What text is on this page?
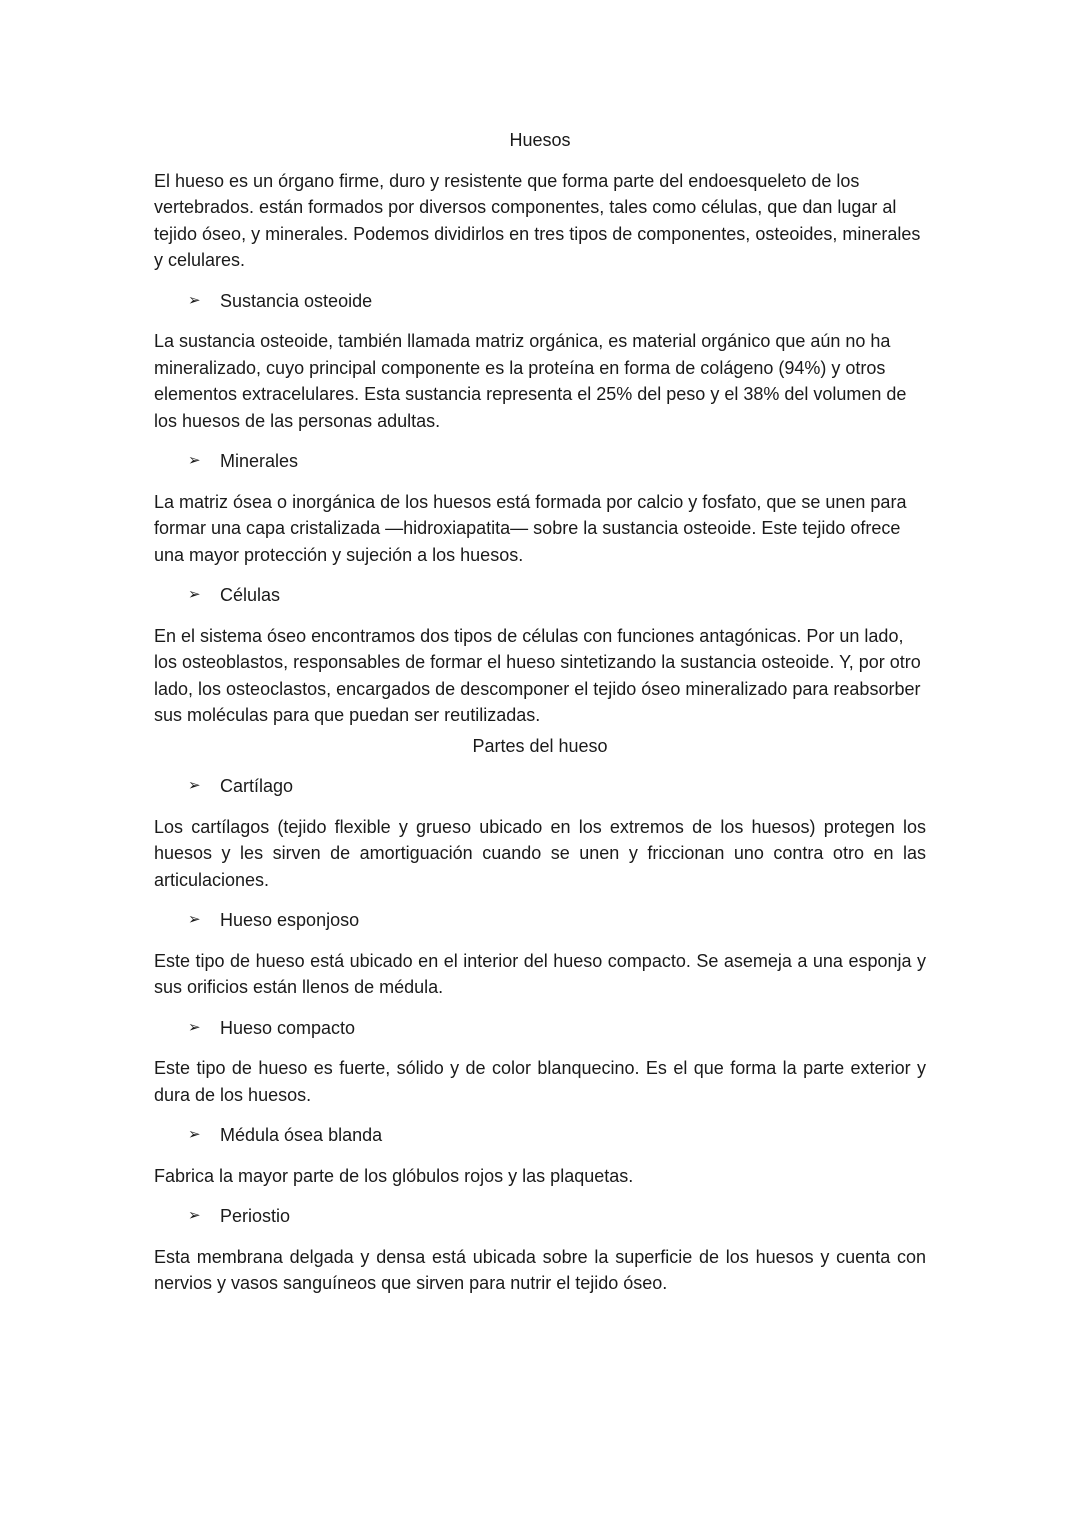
Huesos
El hueso es un órgano firme, duro y resistente que forma parte del endoesqueleto de los vertebrados. están formados por diversos componentes, tales como células, que dan lugar al tejido óseo, y minerales. Podemos dividirlos en tres tipos de componentes, osteoides, minerales y celulares.
➢	Sustancia osteoide
La sustancia osteoide, también llamada matriz orgánica, es material orgánico que aún no ha mineralizado, cuyo principal componente es la proteína en forma de colágeno (94%) y otros elementos extracelulares. Esta sustancia representa el 25% del peso y el 38% del volumen de los huesos de las personas adultas.
➢	Minerales
La matriz ósea o inorgánica de los huesos está formada por calcio y fosfato, que se unen para formar una capa cristalizada —hidroxiapatita— sobre la sustancia osteoide. Este tejido ofrece una mayor protección y sujeción a los huesos.
➢	Células
En el sistema óseo encontramos dos tipos de células con funciones antagónicas. Por un lado, los osteoblastos, responsables de formar el hueso sintetizando la sustancia osteoide. Y, por otro lado, los osteoclastos, encargados de descomponer el tejido óseo mineralizado para reabsorber sus moléculas para que puedan ser reutilizadas.
Partes del hueso
➢	Cartílago
Los cartílagos (tejido flexible y grueso ubicado en los extremos de los huesos) protegen los huesos y les sirven de amortiguación cuando se unen y friccionan uno contra otro en las articulaciones.
➢	Hueso esponjoso
Este tipo de hueso está ubicado en el interior del hueso compacto. Se asemeja a una esponja y sus orificios están llenos de médula.
➢	Hueso compacto
Este tipo de hueso es fuerte, sólido y de color blanquecino. Es el que forma la parte exterior y dura de los huesos.
➢	Médula ósea blanda
Fabrica la mayor parte de los glóbulos rojos y las plaquetas.
➢	Periostio
Esta membrana delgada y densa está ubicada sobre la superficie de los huesos y cuenta con nervios y vasos sanguíneos que sirven para nutrir el tejido óseo.
